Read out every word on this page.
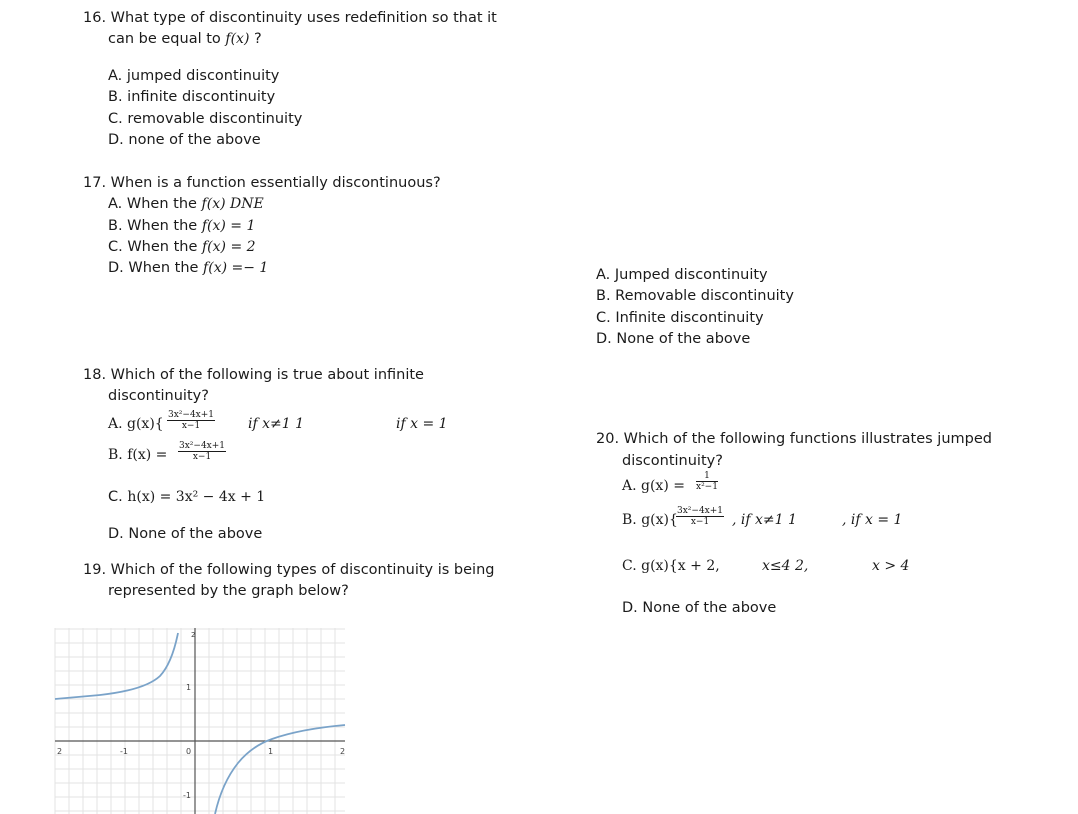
16. What type of discontinuity uses redefinition so that it
can be equal to f(x) ?
A. jumped discontinuity
B. infinite discontinuity
C. removable discontinuity
D. none of the above
17. When is a function essentially discontinuous?
A. When the f(x) DNE
B. When the f(x) = 1
C. When the f(x) = 2
D. When the f(x) =− 1	A. Jumped discontinuity
B. Removable discontinuity
C. Infinite discontinuity
D. None of the above
18. Which of the following is true about infinite
discontinuity?
A. $g(x)\{ \frac{\text{3x²−4x+1}}{x-1}$ if x≠1 1	if x = 1
B. $f(x) = \frac{\text{3x²−4x+1}}{x-1}$
C. h(x) = 3x² − 4x + 1
D. None of the above
19. Which of the following types of discontinuity is being
represented by the graph below?
20. Which of the following functions illustrates jumped
discontinuity?
A. $g(x) = \frac{1}{\text{x²−1}}$
B. g(x){
$\frac{\text{3x²−4x+1}}{x-1}$ , if x≠1 1	, if x = 1
C. g(x){x + 2,	x≤4 2,	x > 4
D. None of the above
2	-1	0	1	2
1
-1
2
